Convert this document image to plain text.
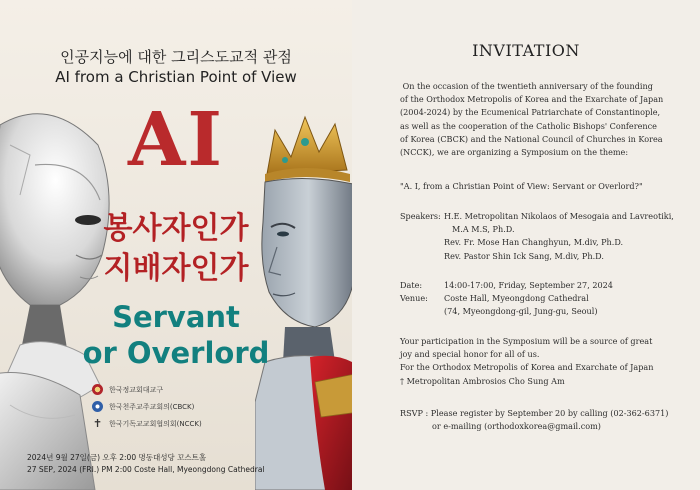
인공지능에 대한 그리스도교적 관점
AI from a Christian Point of View
AI
봉사자인가
지배자인가
Servant
or Overlord
한국정교회대교구
한국천주교주교회의(CBCK)
✝ 한국기독교교회협의회(NCCK)
2024년 9월 27일(금) 오후 2:00 명동대성당 꼬스트홀
27 SEP, 2024 (FRI.) PM 2:00 Coste Hall, Myeongdong Cathedral
INVITATION
On the occasion of the twentieth anniversary of the founding
of the Orthodox Metropolis of Korea and the Exarchate of Japan
(2004-2024) by the Ecumenical Patriarchate of Constantinople,
as well as the cooperation of the Catholic Bishops' Conference
of Korea (CBCK) and the National Council of Churches in Korea
(NCCK), we are organizing a Symposium on the theme:
"A. I, from a Christian Point of View: Servant or Overlord?"
Speakers: H.E. Metropolitan Nikolaos of Mesogaia and Lavreotiki,
M.A M.S, Ph.D.
Rev. Fr. Mose Han Changhyun, M.div, Ph.D.
Rev. Pastor Shin Ick Sang, M.div, Ph.D.
Date:	14:00-17:00, Friday, September 27, 2024
Venue: Coste Hall, Myeongdong Cathedral
(74, Myeongdong-gil, Jung-gu, Seoul)
Your participation in the Symposium will be a source of great
joy and special honor for all of us.
For the Orthodox Metropolis of Korea and Exarchate of Japan
† Metropolitan Ambrosios Cho Sung Am
RSVP : Please register by September 20 by calling (02-362-6371)
or e-mailing (orthodoxkorea@gmail.com)
